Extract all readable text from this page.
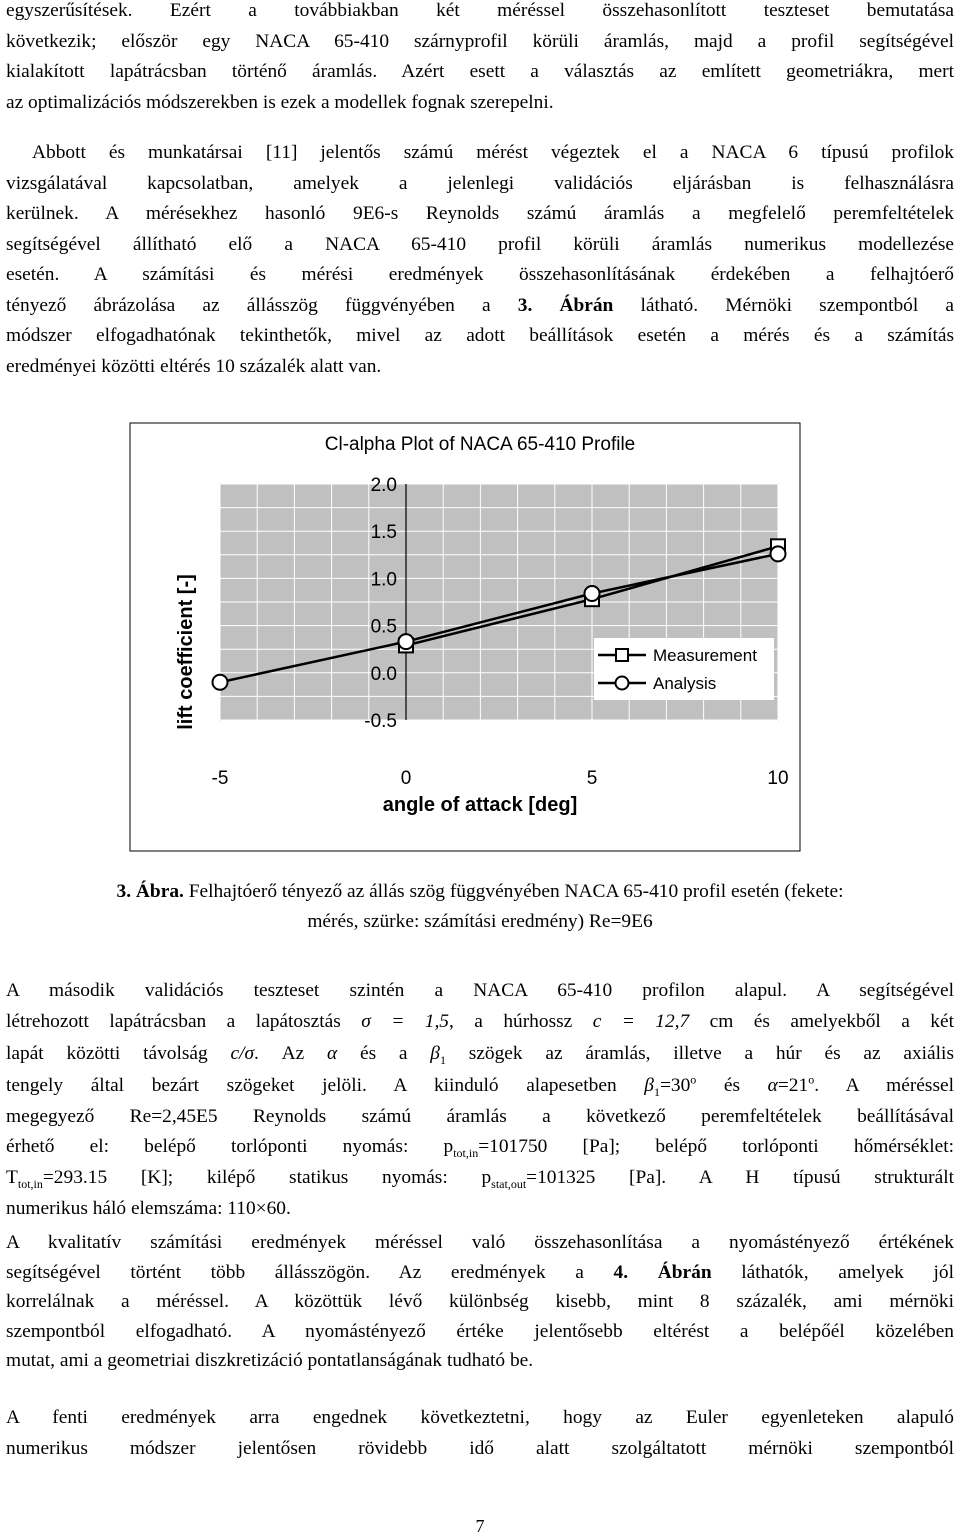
egyszerűsítések. Ezért a továbbiakban két méréssel összehasonlított teszteset bemutatása
következik; először egy NACA 65-410 szárnyprofil körüli áramlás, majd a profil segítségével
kialakított lapátrácsban történő áramlás. Azért esett a választás az említett geometriákra, mert
az optimalizációs módszerekben is ezek a modellek fognak szerepelni.
Abbott és munkatársai [11] jelentős számú mérést végeztek el a NACA 6 típusú profilok
vizsgálatával kapcsolatban, amelyek a jelenlegi validációs eljárásban is felhasználásra
kerülnek. A mérésekhez hasonló 9E6-s Reynolds számú áramlás a megfelelő peremfeltételek
segítségével állítható elő a NACA 65-410 profil körüli áramlás numerikus modellezése
esetén. A számítási és mérési eredmények összehasonlításának érdekében a felhajtóerő
tényező ábrázolása az állásszög függvényében a 3. Ábrán látható. Mérnöki szempontból a
módszer elfogadhatónak tekinthetők, mivel az adott beállítások esetén a mérés és a számítás
eredményei közötti eltérés 10 százalék alatt van.
Cl-alpha Plot of NACA 65-410 Profile
2.0
1.5
1.0
0.5
0.0
-0.5
-5	0	5	10
angle of attack [deg]
lift coefficient [-]	Measurement
Analysis
3. Ábra. Felhajtóerő tényező az állás szög függvényében NACA 65-410 profil esetén (fekete:
mérés, szürke: számítási eredmény) Re=9E6
A második validációs teszteset szintén a NACA 65-410 profilon alapul. A segítségével
létrehozott lapátrácsban a lapátosztás σ = 1,5, a húrhossz c = 12,7 cm és amelyekből a két
lapát közötti távolság c/σ. Az α és a $\beta_1$ szögek az áramlás, illetve a húr és az axiális
tengely által bezárt szögeket jelöli. A kiinduló alapesetben $\beta_1=30^o$ és $\alpha=21^o$. A méréssel
megegyező Re=2,45E5 Reynolds számú áramlás a következő peremfeltételek beállításával
érhető el: belépő torlóponti nyomás: $p_{tot,in}=101750$ [Pa]; belépő torlóponti hőmérséklet:
$T_{tot,in}=293.15$ [K]; kilépő statikus nyomás: $p_{stat,out}=101325$ [Pa]. A H típusú strukturált
numerikus háló elemszáma: 110×60.
A kvalitatív számítási eredmények méréssel való összehasonlítása a nyomástényező értékének
segítségével történt több állásszögön. Az eredmények a 4. Ábrán láthatók, amelyek jól
korrelálnak a méréssel. A közöttük lévő különbség kisebb, mint 8 százalék, ami mérnöki
szempontból elfogadható. A nyomástényező értéke jelentősebb eltérést a belépőél közelében
mutat, ami a geometriai diszkretizáció pontatlanságának tudható be.
A fenti eredmények arra engednek következtetni, hogy az Euler egyenleteken alapuló
numerikus módszer jelentősen rövidebb idő alatt szolgáltatott mérnöki szempontból
7
